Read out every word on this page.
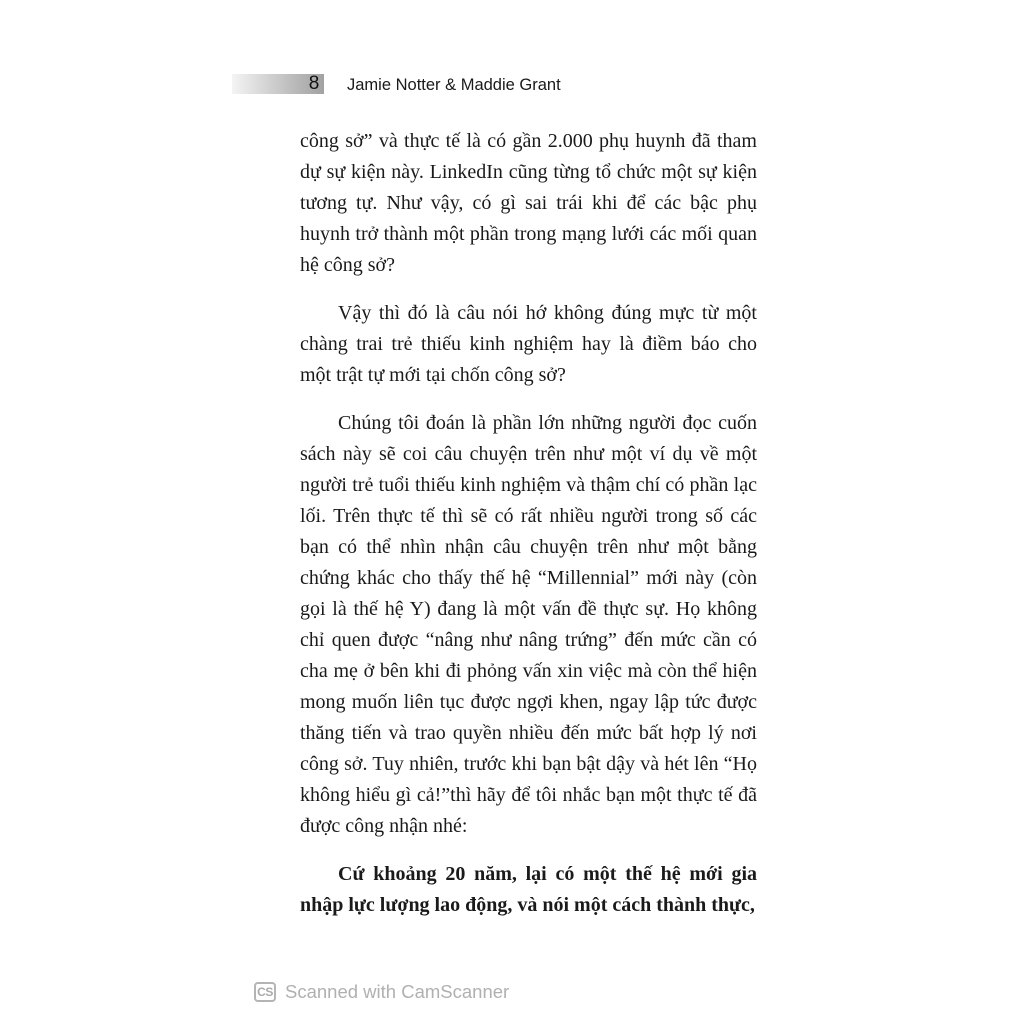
8 Jamie Notter & Maddie Grant

công sở” và thực tế là có gần 2.000 phụ huynh đã tham dự sự kiện này. LinkedIn cũng từng tổ chức một sự kiện tương tự. Như vậy, có gì sai trái khi để các bậc phụ huynh trở thành một phần trong mạng lưới các mối quan hệ công sở?

Vậy thì đó là câu nói hớ không đúng mực từ một chàng trai trẻ thiếu kinh nghiệm hay là điềm báo cho một trật tự mới tại chốn công sở?

Chúng tôi đoán là phần lớn những người đọc cuốn sách này sẽ coi câu chuyện trên như một ví dụ về một người trẻ tuổi thiếu kinh nghiệm và thậm chí có phần lạc lối. Trên thực tế thì sẽ có rất nhiều người trong số các bạn có thể nhìn nhận câu chuyện trên như một bằng chứng khác cho thấy thế hệ “Millennial” mới này (còn gọi là thế hệ Y) đang là một vấn đề thực sự. Họ không chỉ quen được “nâng như nâng trứng” đến mức cần có cha mẹ ở bên khi đi phỏng vấn xin việc mà còn thể hiện mong muốn liên tục được ngợi khen, ngay lập tức được thăng tiến và trao quyền nhiều đến mức bất hợp lý nơi công sở. Tuy nhiên, trước khi bạn bật dậy và hét lên “Họ không hiểu gì cả!”thì hãy để tôi nhắc bạn một thực tế đã được công nhận nhé:

Cứ khoảng 20 năm, lại có một thế hệ mới gia nhập lực lượng lao động, và nói một cách thành thực,

CS Scanned with CamScanner
